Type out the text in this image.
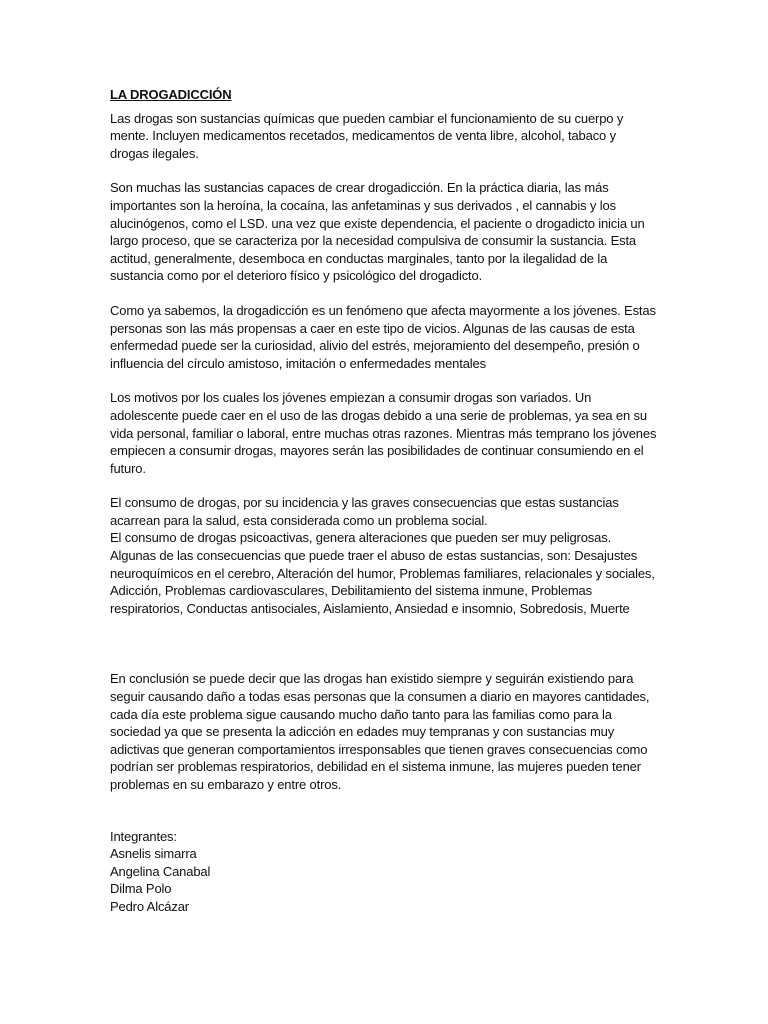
LA DROGADICCIÓN

Las drogas son sustancias químicas que pueden cambiar el funcionamiento de su cuerpo y mente. Incluyen medicamentos recetados, medicamentos de venta libre, alcohol, tabaco y drogas ilegales.

Son muchas las sustancias capaces de crear drogadicción. En la práctica diaria, las más importantes son la heroína, la cocaína, las anfetaminas y sus derivados , el cannabis y los alucinógenos, como el LSD. una vez que existe dependencia, el paciente o drogadicto inicia un largo proceso, que se caracteriza por la necesidad compulsiva de consumir la sustancia. Esta actitud, generalmente, desemboca en conductas marginales, tanto por la ilegalidad de la sustancia como por el deterioro físico y psicológico del drogadicto.

Como ya sabemos, la drogadicción es un fenómeno que afecta mayormente a los jóvenes. Estas personas son las más propensas a caer en este tipo de vicios. Algunas de las causas de esta enfermedad puede ser la curiosidad, alivio del estrés, mejoramiento del desempeño, presión o influencia del círculo amistoso, imitación o enfermedades mentales

Los motivos por los cuales los jóvenes empiezan a consumir drogas son variados. Un adolescente puede caer en el uso de las drogas debido a una serie de problemas, ya sea en su vida personal, familiar o laboral, entre muchas otras razones. Mientras más temprano los jóvenes empiecen a consumir drogas, mayores serán las posibilidades de continuar consumiendo en el futuro.

El consumo de drogas, por su incidencia y las graves consecuencias que estas sustancias acarrean para la salud, esta considerada como un problema social.

El consumo de drogas psicoactivas, genera alteraciones que pueden ser muy peligrosas. Algunas de las consecuencias que puede traer el abuso de estas sustancias, son: Desajustes neuroquímicos en el cerebro, Alteración del humor, Problemas familiares, relacionales y sociales, Adicción, Problemas cardiovasculares, Debilitamiento del sistema inmune, Problemas respiratorios, Conductas antisociales, Aislamiento, Ansiedad e insomnio, Sobredosis, Muerte

En conclusión se puede decir que las drogas han existido siempre y seguirán existiendo para seguir causando daño a todas esas personas que la consumen a diario en mayores cantidades, cada día este problema sigue causando mucho daño tanto para las familias como para la sociedad ya que se presenta la adicción en edades muy tempranas y con sustancias muy adictivas que generan comportamientos irresponsables que tienen graves consecuencias como podrían ser problemas respiratorios, debilidad en el sistema inmune, las mujeres pueden tener problemas en su embarazo y entre otros.

Integrantes:

Asnelis simarra

Angelina Canabal

Dilma Polo

Pedro Alcázar
